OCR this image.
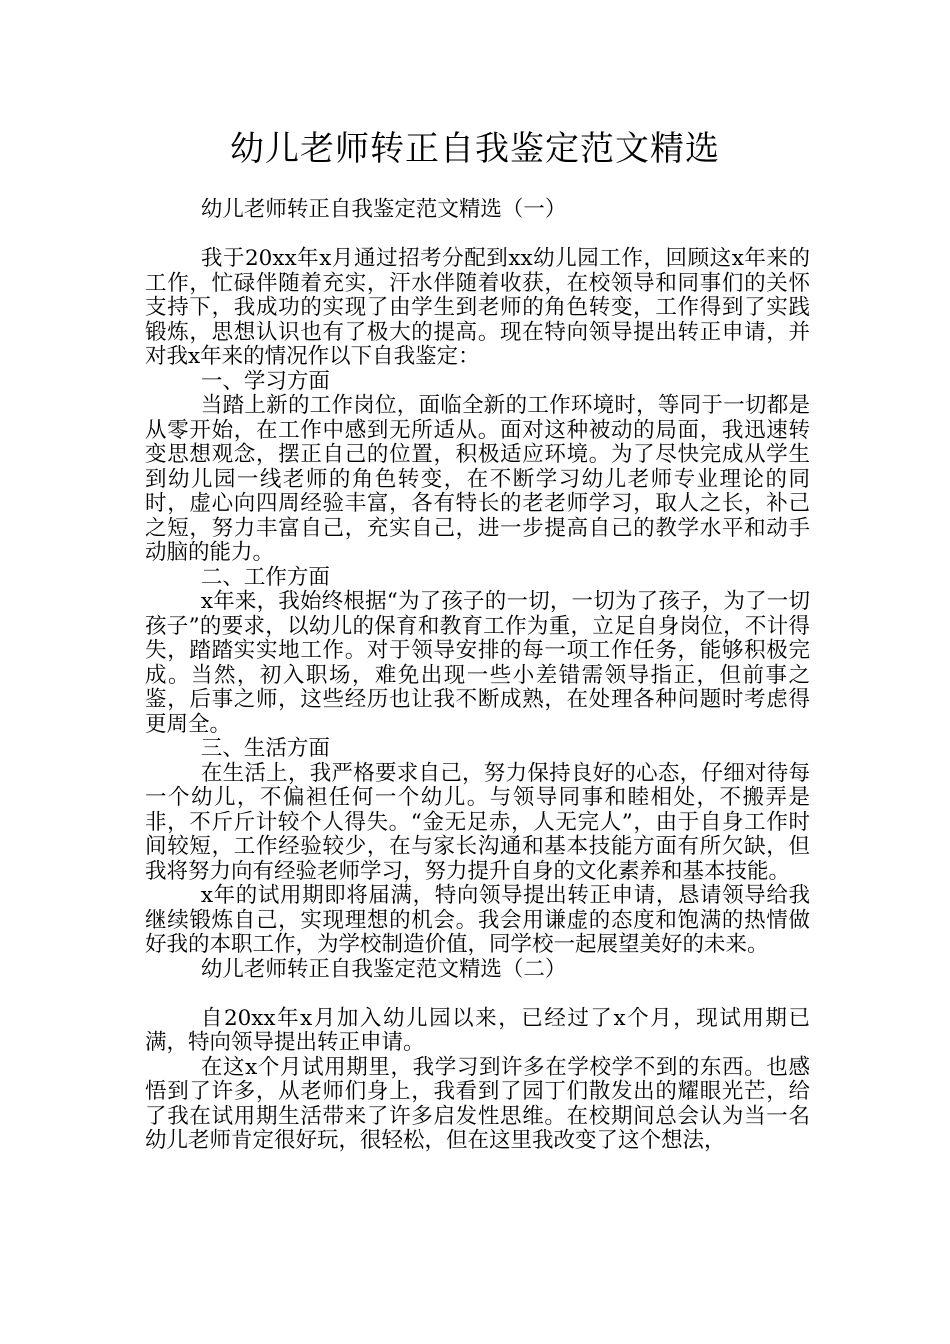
幼儿老师转正自我鉴定范文精选

幼儿老师转正自我鉴定范文精选（一）

我于20xx年x月通过招考分配到xx幼儿园工作，回顾这x年来的工作，忙碌伴随着充实，汗水伴随着收获，在校领导和同事们的关怀支持下，我成功的实现了由学生到老师的角色转变，工作得到了实践锻炼，思想认识也有了极大的提高。现在特向领导提出转正申请，并对我x年来的情况作以下自我鉴定：

一、学习方面

当踏上新的工作岗位，面临全新的工作环境时，等同于一切都是从零开始，在工作中感到无所适从。面对这种被动的局面，我迅速转变思想观念，摆正自己的位置，积极适应环境。为了尽快完成从学生到幼儿园一线老师的角色转变，在不断学习幼儿老师专业理论的同时，虚心向四周经验丰富，各有特长的老老师学习，取人之长，补己之短，努力丰富自己，充实自己，进一步提高自己的教学水平和动手动脑的能力。

二、工作方面

x年来，我始终根据“为了孩子的一切，一切为了孩子，为了一切孩子”的要求，以幼儿的保育和教育工作为重，立足自身岗位，不计得失，踏踏实实地工作。对于领导安排的每一项工作任务，能够积极完成。当然，初入职场，难免出现一些小差错需领导指正，但前事之鉴，后事之师，这些经历也让我不断成熟，在处理各种问题时考虑得更周全。

三、生活方面

在生活上，我严格要求自己，努力保持良好的心态，仔细对待每一个幼儿，不偏袒任何一个幼儿。与领导同事和睦相处，不搬弄是非，不斤斤计较个人得失。“金无足赤，人无完人”，由于自身工作时间较短，工作经验较少，在与家长沟通和基本技能方面有所欠缺，但我将努力向有经验老师学习，努力提升自身的文化素养和基本技能。

x年的试用期即将届满，特向领导提出转正申请，恳请领导给我继续锻炼自己，实现理想的机会。我会用谦虚的态度和饱满的热情做好我的本职工作，为学校制造价值，同学校一起展望美好的未来。

幼儿老师转正自我鉴定范文精选（二）

自20xx年x月加入幼儿园以来，已经过了x个月，现试用期已满，特向领导提出转正申请。

在这x个月试用期里，我学习到许多在学校学不到的东西。也感悟到了许多，从老师们身上，我看到了园丁们散发出的耀眼光芒，给了我在试用期生活带来了许多启发性思维。在校期间总会认为当一名幼儿老师肯定很好玩，很轻松，但在这里我改变了这个想法，
